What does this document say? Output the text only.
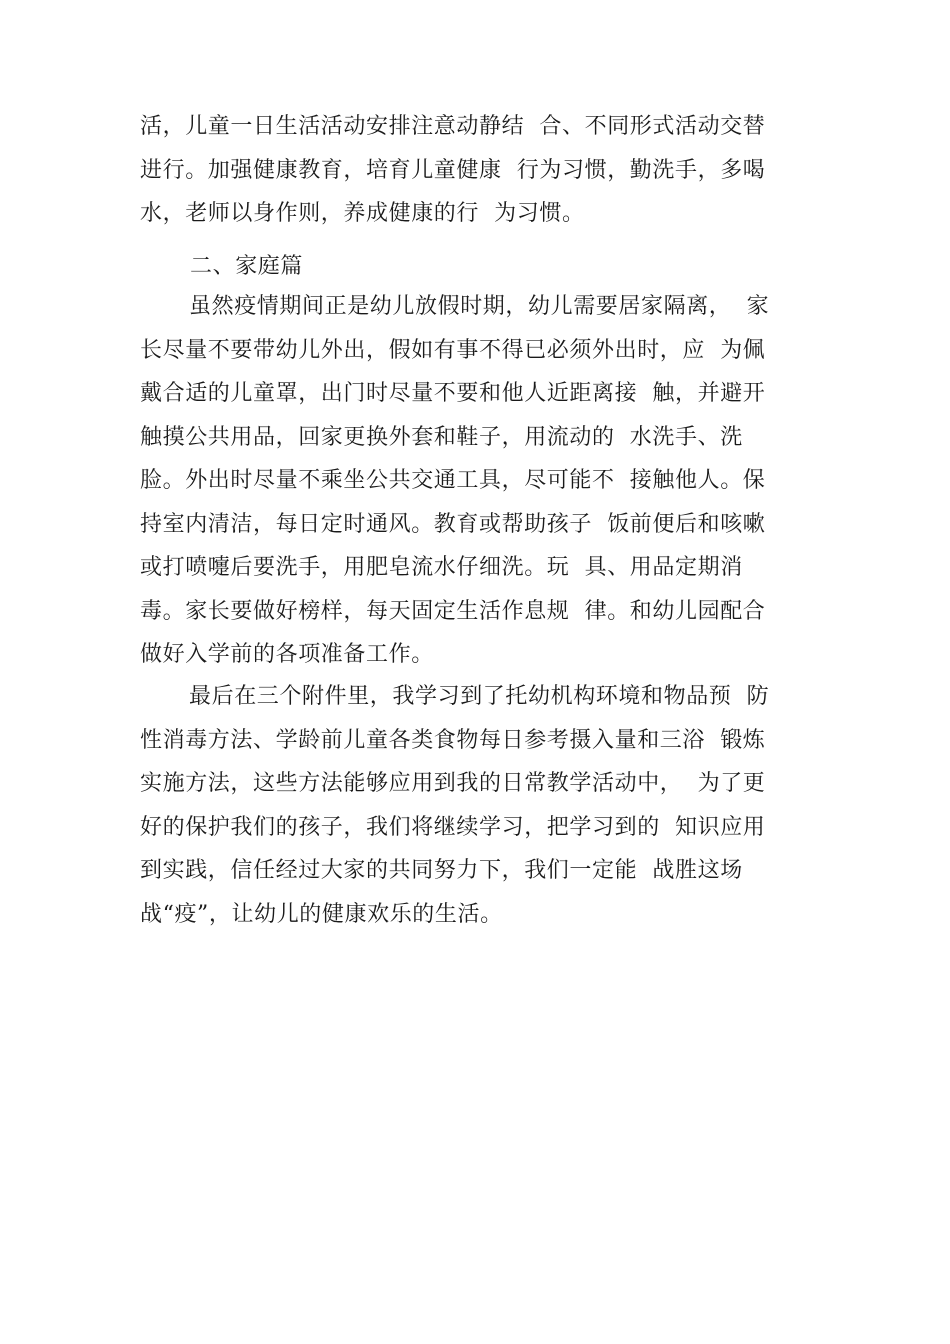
活，儿童一日生活活动安排注意动静结  合、不同形式活动交替
进行。加强健康教育，培育儿童健康  行为习惯，勤洗手，多喝
水，老师以身作则，养成健康的行  为习惯。
二、家庭篇
虽然疫情期间正是幼儿放假时期，幼儿需要居家隔离，  家
长尽量不要带幼儿外出，假如有事不得已必须外出时，应  为佩
戴合适的儿童罩，出门时尽量不要和他人近距离接  触，并避开
触摸公共用品，回家更换外套和鞋子，用流动的  水洗手、洗
脸。外出时尽量不乘坐公共交通工具，尽可能不  接触他人。保
持室内清洁，每日定时通风。教育或帮助孩子  饭前便后和咳嗽
或打喷嚏后要洗手，用肥皂流水仔细洗。玩  具、用品定期消
毒。家长要做好榜样，每天固定生活作息规  律。和幼儿园配合
做好入学前的各项准备工作。
最后在三个附件里，我学习到了托幼机构环境和物品预  防
性消毒方法、学龄前儿童各类食物每日参考摄入量和三浴  锻炼
实施方法，这些方法能够应用到我的日常教学活动中，  为了更
好的保护我们的孩子，我们将继续学习，把学习到的  知识应用
到实践，信任经过大家的共同努力下，我们一定能  战胜这场
战“疫”，让幼儿的健康欢乐的生活。
